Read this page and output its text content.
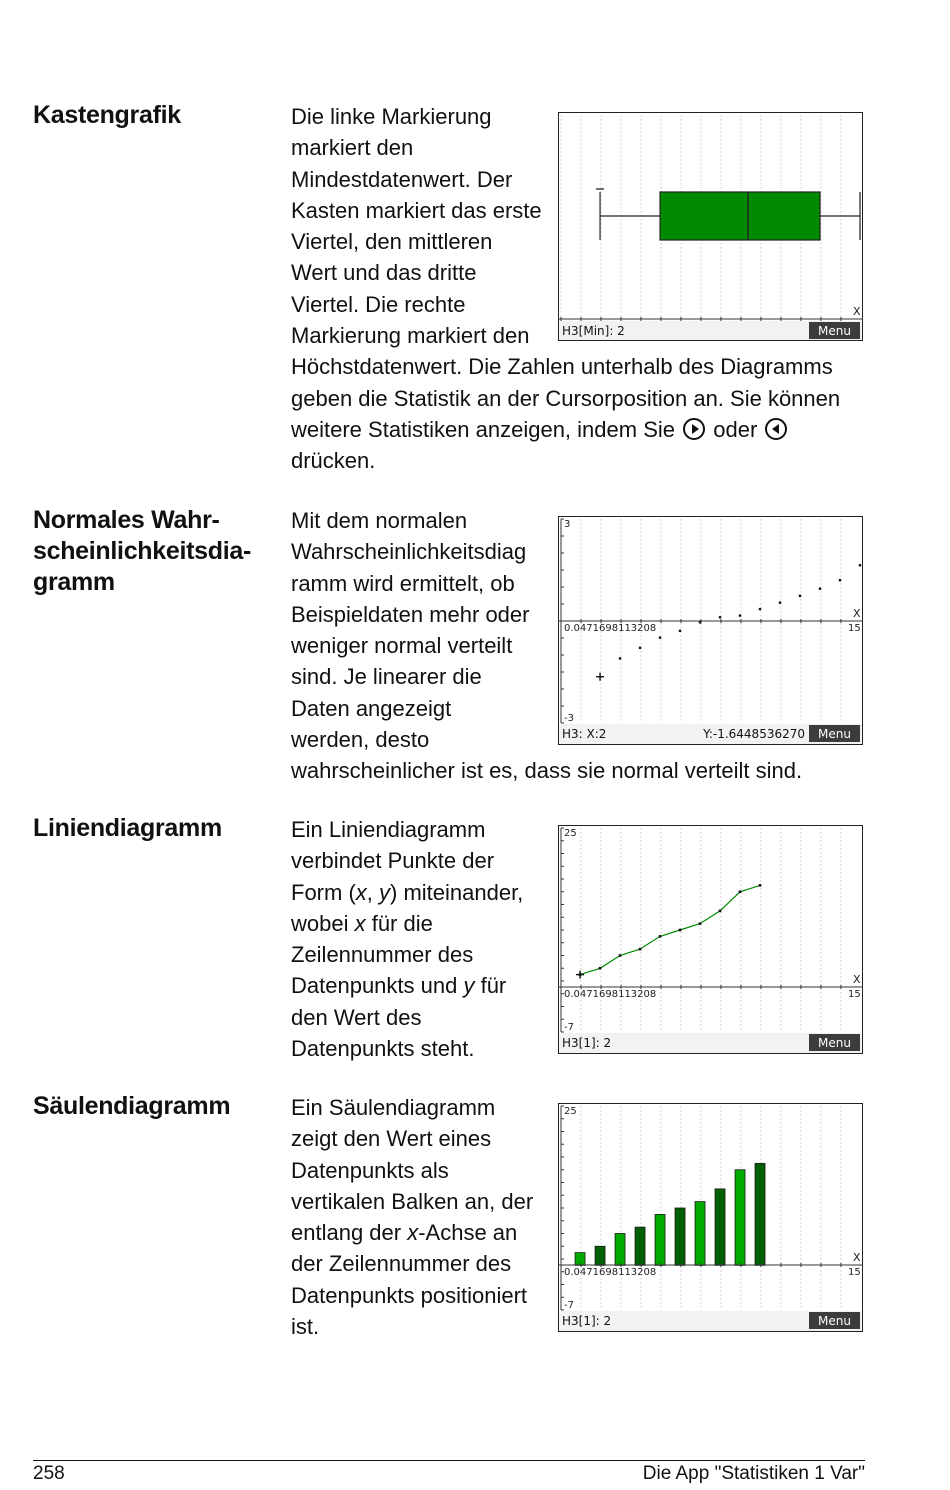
Kastengrafik	Die linke Markierung
markiert den
Mindestdatenwert. Der
Kasten markiert das erste
Viertel, den mittleren
Wert und das dritte
Viertel. Die rechte
Markierung markiert den
Höchstdatenwert. Die Zahlen unterhalb des Diagramms
geben die Statistik an der Cursorposition an. Sie können
weitere Statistiken anzeigen, indem Sie oder
drücken.
X
H3[Min]: 2	Menu
Normales Wahr-
scheinlichkeitsdia-
gramm
Mit dem normalen
Wahrscheinlichkeitsdiag
ramm wird ermittelt, ob
Beispieldaten mehr oder
weniger normal verteilt
sind. Je linearer die
Daten angezeigt
werden, desto
wahrscheinlicher ist es, dass sie normal verteilt sind.
3
-3
0.0471698113208	15
X
H3: X:2	Y:-1.6448536270 Menu
Liniendiagramm	Ein Liniendiagramm
verbindet Punkte der
Form (x, y) miteinander,
wobei x für die
Zeilennummer des
Datenpunkts und y für
den Wert des
Datenpunkts steht.
25
-7
0.0471698113208	15
X
H3[1]: 2	Menu
Säulendiagramm	Ein Säulendiagramm
zeigt den Wert eines
Datenpunkts als
vertikalen Balken an, der
entlang der x-Achse an
der Zeilennummer des
Datenpunkts positioniert
ist.
25
-7
0.0471698113208	15
X
H3[1]: 2	Menu
258	Die App "Statistiken 1 Var"
